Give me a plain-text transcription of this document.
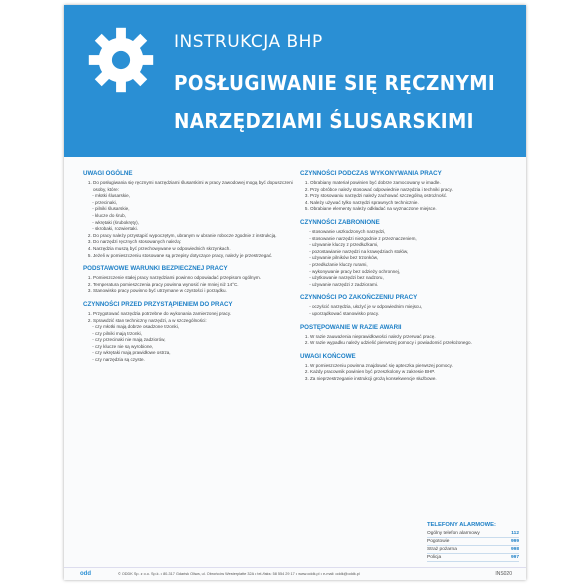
INSTRUKCJA BHP
POSŁUGIWANIE SIĘ RĘCZNYMI
NARZĘDZIAMI ŚLUSARSKIMI
UWAGI OGÓLNE
1. Do posługiwania się ręcznymi narzędziami ślusarskimi w pracy zawodowej mogą być dopuszczeni osoby, które:
- młotki ślusarskie,
- przecinaki,
- pilniki ślusarskie,
- klucze do śrub,
- wkrętaki (śrubokręty),
- skrobaki, rozwiertaki.
2. Do pracy należy przystąpić wypoczętym, ubranym w ubranie robocze zgodnie z instrukcją.
3. Do narzędzi ręcznych stosowanych należą:
4. Narzędzia muszą być przechowywane w odpowiednich skrzynkach.
5. Jeżeli w pomieszczeniu stosowane są przepisy dotyczące pracy, należy je przestrzegać.
PODSTAWOWE WARUNKI BEZPIECZNEJ PRACY
1. Pomieszczenie stałej pracy narzędziami powinno odpowiadać przepisom ogólnym.
2. Temperatura pomieszczenia pracy powinna wynosić nie mniej niż 14°C.
3. Stanowisko pracy powinno być utrzymane w czystości i porządku.
CZYNNOŚCI PRZED PRZYSTĄPIENIEM DO PRACY
1. Przygotować narzędzia potrzebne do wykonania zamierzonej pracy.
2. Sprawdzić stan techniczny narzędzi, a w szczególności:
- czy młotki mają dobrze osadzone trzonki,
- czy pilniki mają trzonki,
- czy przecinaki nie mają zadziorów,
- czy klucze nie są wyrobione,
- czy wkrętaki mają prawidłowe ostrza,
- czy narzędzia są czyste.
CZYNNOŚCI PODCZAS WYKONYWANIA PRACY
1. Obrabiany materiał powinien być dobrze zamocowany w imadle.
2. Przy obróbce należy stosować odpowiednie narzędzia i techniki pracy.
3. Przy stosowaniu narzędzi należy zachować szczególną ostrożność.
4. Należy używać tylko narzędzi sprawnych technicznie.
5. Obrabiane elementy należy odkładać na wyznaczone miejsce.
CZYNNOŚCI ZABRONIONE
- stosowanie uszkodzonych narzędzi,
- stosowanie narzędzi niezgodnie z przeznaczeniem,
- używanie kluczy z przedłużkami,
- pozostawianie narzędzi na krawędziach stołów,
- używanie pilników bez trzonków,
- przedłużanie kluczy rurami,
- wykonywanie pracy bez odzieży ochronnej,
- użytkowanie narzędzi bez nadzoru,
- używanie narzędzi z zadziorami.
CZYNNOŚCI PO ZAKOŃCZENIU PRACY
- oczyścić narzędzia, ułożyć je w odpowiednim miejscu,
- uporządkować stanowisko pracy.
POSTĘPOWANIE W RAZIE AWARII
1. W razie zauważenia nieprawidłowości należy przerwać pracę.
2. W razie wypadku należy udzielić pierwszej pomocy i powiadomić przełożonego.
UWAGI KOŃCOWE
1. W pomieszczeniu powinna znajdować się apteczka pierwszej pomocy.
2. Każdy pracownik powinien być przeszkolony w zakresie BHP.
3. Za nieprzestrzeganie instrukcji grożą konsekwencje służbowe.
TELEFONY ALARMOWE:
Ogólny telefon alarmowy	112
Pogotowie	999
Straż pożarna	998
Policja	997
odd	© ODDK Sp. z o.o. Sp.k. • 80-317 Gdańsk Oliwa, ul. Obrońców Westerplatte 32A • tel./faks: 58 554 29 17 • www.oddk.pl • e-mail: oddk@oddk.pl	INS020
